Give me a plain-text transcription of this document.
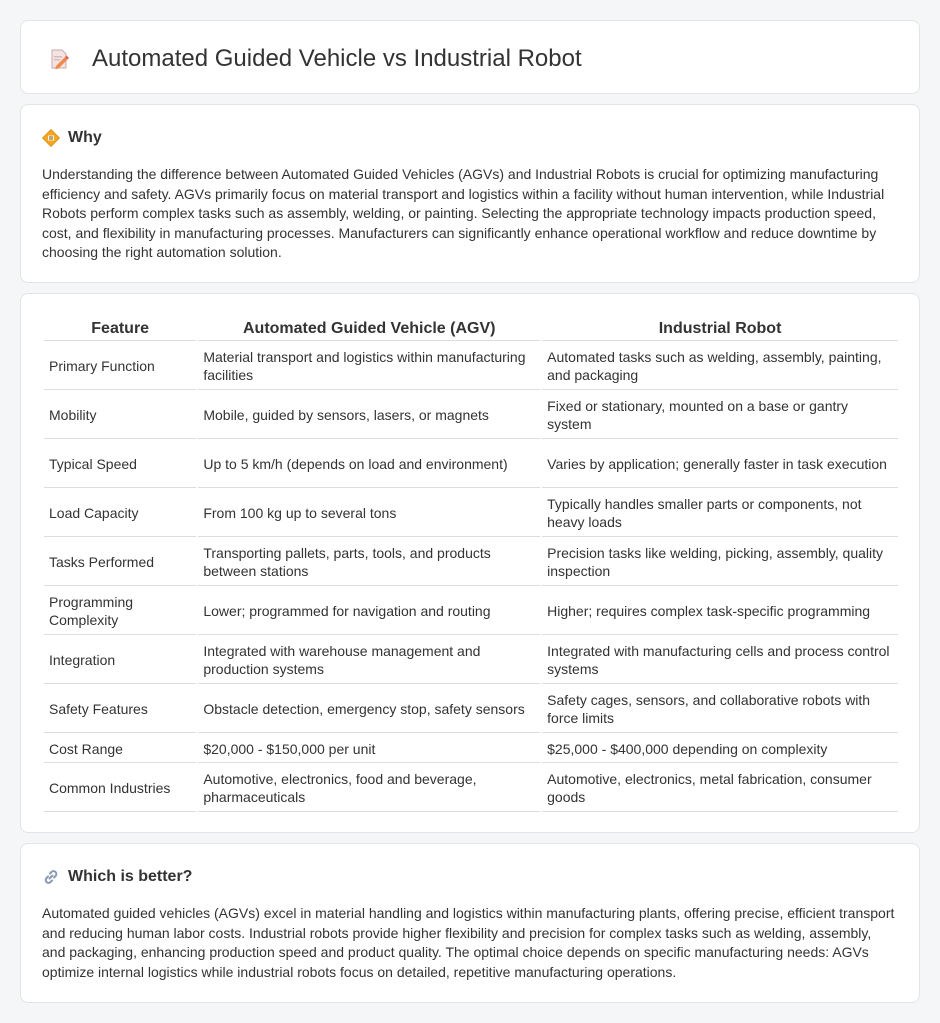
Automated Guided Vehicle vs Industrial Robot
Why

Understanding the difference between Automated Guided Vehicles (AGVs) and Industrial Robots is crucial for optimizing manufacturing efficiency and safety. AGVs primarily focus on material transport and logistics within a facility without human intervention, while Industrial Robots perform complex tasks such as assembly, welding, or painting. Selecting the appropriate technology impacts production speed, cost, and flexibility in manufacturing processes. Manufacturers can significantly enhance operational workflow and reduce downtime by choosing the right automation solution.

Feature	Automated Guided Vehicle (AGV)	Industrial Robot
Primary Function	Material transport and logistics within manufacturing facilities	Automated tasks such as welding, assembly, painting, and packaging
Mobility	Mobile, guided by sensors, lasers, or magnets	Fixed or stationary, mounted on a base or gantry system
Typical Speed	Up to 5 km/h (depends on load and environment)	Varies by application; generally faster in task execution
Load Capacity	From 100 kg up to several tons	Typically handles smaller parts or components, not heavy loads
Tasks Performed	Transporting pallets, parts, tools, and products between stations	Precision tasks like welding, picking, assembly, quality inspection
Programming Complexity	Lower; programmed for navigation and routing	Higher; requires complex task-specific programming
Integration	Integrated with warehouse management and production systems	Integrated with manufacturing cells and process control systems
Safety Features	Obstacle detection, emergency stop, safety sensors	Safety cages, sensors, and collaborative robots with force limits
Cost Range	$20,000 - $150,000 per unit	$25,000 - $400,000 depending on complexity
Common Industries	Automotive, electronics, food and beverage, pharmaceuticals	Automotive, electronics, metal fabrication, consumer goods
Which is better?

Automated guided vehicles (AGVs) excel in material handling and logistics within manufacturing plants, offering precise, efficient transport and reducing human labor costs. Industrial robots provide higher flexibility and precision for complex tasks such as welding, assembly, and packaging, enhancing production speed and product quality. The optimal choice depends on specific manufacturing needs: AGVs optimize internal logistics while industrial robots focus on detailed, repetitive manufacturing operations.
